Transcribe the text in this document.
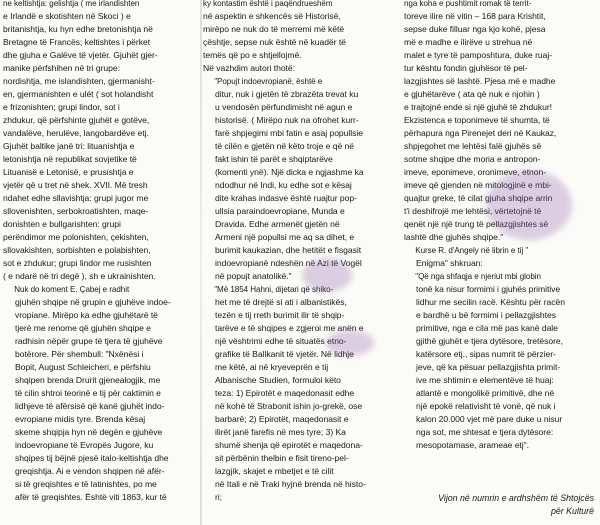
ne keltishtja: gelishtja ( me irlandishten
e Irlandë e skotishten në Skoci ) e
britanishtja, ku hyn edhe bretonishtja në
Bretagne të Francës; keltishtes i përket
dhe gjuha e Galëve të vjetër. Gjuhët gjer-
manike përfshihen në tri grupe:
nordishtja, me islandishten, gjermanisht-
en, gjermanishten e ulët ( sot holandisht
e frizonishten; grupi lindor, sot i
zhdukur, që përfshinte gjuhët e gotëve,
vandalëve, herulëve, langobardëve etj.
Gjuhët baltike janë tri: lituanishtja e
letonishtja në republikat sovjetike të
Lituanisë e Letonisë, e prusishtja e
vjetër që u tret në shek. XVII. Më tresh
ndahet edhe sllavishtja: grupi jugor me
sllovenishten, serbokroatishten, maqe-
donishten e bullgarishten: grupi
perëndimor me polonishten, çekishten,
sllovakishten, sorbishten e polabishten,
sot e zhdukur; grupi lindor me rusishten
( e ndarë në tri degë ), sh e ukrainishten.
Nuk do koment E. Çabej e radhit
gjuhën shqipe në grupin e gjuhëve indoe-
vropiane. Mirëpo ka edhe gjuhëtarë të
tjerë me renome që gjuhën shqipe e
radhisin nëpër grupe të tjera të gjuhëve
botërore. Për shembull: "Nxënësi i
Bopit, August Schleicheri, e përfshiu
shqipen brenda Drurit gjenealogjik, me
të cilin shtroi teorinë e tij për caktimin e
lidhjeve të afërsisë që kanë gjuhët indo-
evropiane midis tyre. Brenda kësaj
skeme shqipja hyn në degën e gjuhëve
indoevropiane të Evropës Jugore, ku
shqipes tij bëjnë pjesë italo-keltishtja dhe
greqishtja. Ai e vendon shqipen në afër-
si të greqishtes e të latinishtes, po me
afër të greqishtes. Është viti 1863, kur të
ky kontastim është i paqëndrueshëm
në aspektin e shkencës së Historisë,
mirëpo ne nuk do të merremi më këtë
çështje, sepse nuk është në kuadër të
temës që po e shtjellojmë.
Në vazhdim autori thotë:
"Popujt indoevropianë, është e
ditur, nuk i gjetën të zbrazëta trevat ku
u vendosën përfundimisht në agun e
historisë. ( Mirëpo nuk na ofrohet kurr-
farë shpjegimi mbi fatin e asaj popullsie
të cilën e gjetën në këto troje e që në
fakt ishin të parët e shqiptarëve
(komenti ynë). Një dicka e ngjashme ka
ndodhur në Indi, ku edhe sot e kësaj
dite krahas indasve është ruajtur pop-
ullsia paraindoevropiane, Munda e
Dravida. Edhe armenët gjetën në
Armeni një popullsi me aq sa dihet, e
burimit kaukazian, dhe hetitët e fisgasit
indoevropianë ndeshën në Azi të Vogël
në popujt anatolikë."
"Më 1854 Hahni, dijetari që shiko-
het me të drejtë si ati i albanistikës,
tezën e tij rreth burimit ilir të shqip-
tarëve e të shqipes e zgjeroi me anën e
një vështrimi edhe të situatës etno-
grafike të Ballkanit të vjetër. Në lidhje
me këtë, ai në kryeveprën e tij
Albanische Studien, formuloi këto
teza: 1) Epirotët e maqedonasit edhe
në kohë të Strabonit ishin jo-grekë, ose
barbarë; 2) Epirotët, maqedonasit e
ilirët janë farefis në mes tyre; 3) Ka
shumë shenja që epirotët e maqedona-
sit përbënin thelbin e fisit tireno-pel-
lazgjik, skajet e mbetjet e të cilit
në Itali e në Traki hyjnë brenda në histo-
ri;
nga koha e pushtimit romak të territ-
toreve ilire në vitin – 168 para Krishtit,
sepse duke filluar nga kjo kohë, pjesa
më e madhe e ilirëve u strehua në
malet e tyre të pamposhtura, duke ruaj-
tur kështu fondin gjuhësor të pel-
lazgjishtes së lashtë. Pjesa më e madhe
e gjuhëtarëve ( ata që nuk e njohin )
e trajtojnë ende si një gjuhë të zhdukur!
Ekzistenca e toponimeve të shumta, të
përhapura nga Pirenejet deri në Kaukaz,
shpjegohet me lehtësi falë gjuhës së
sotme shqipe dhe moria e antropon-
imeve, eponimeve, oronimeve, etnon-
imeve që gjenden në mitologjinë e mbi-
quajtur greke, të cilat gjuha shqipe arrin
t'i deshifrojë me lehtësi, vërtetojnë të
qenët një një trung të pellazgjishtes së
lashtë dhe gjuhës shqipe."
Kurse R. d'Angely në librin e tij "
Enigma" shkruan:
"Që nga shfaqja e njeriut mbi globin
tonë ka nisur formimi i gjuhës primitive
lidhur me secilin racë. Kështu për racën
e bardhë u bë formimi i pellazgjishtes
primitive, nga e cila më pas kanë dale
gjithë gjuhët e tjera dytësore, tretësore,
katërsore etj., sipas numrit të përzier-
jeve, që ka pësuar pellazgjishta primit-
ive me shtimin e elementëve të huaj:
atlantë e mongolikë primitivë, dhe në
një epokë relativisht të vonë, që nuk i
kalon 20.000 vjet më pare duke u nisur
nga sot, me shtesat e tjera dytësore:
mesopotamase, arameae etj".
Vijon në numrin e ardhshëm të Shtojcës
për Kulturë
